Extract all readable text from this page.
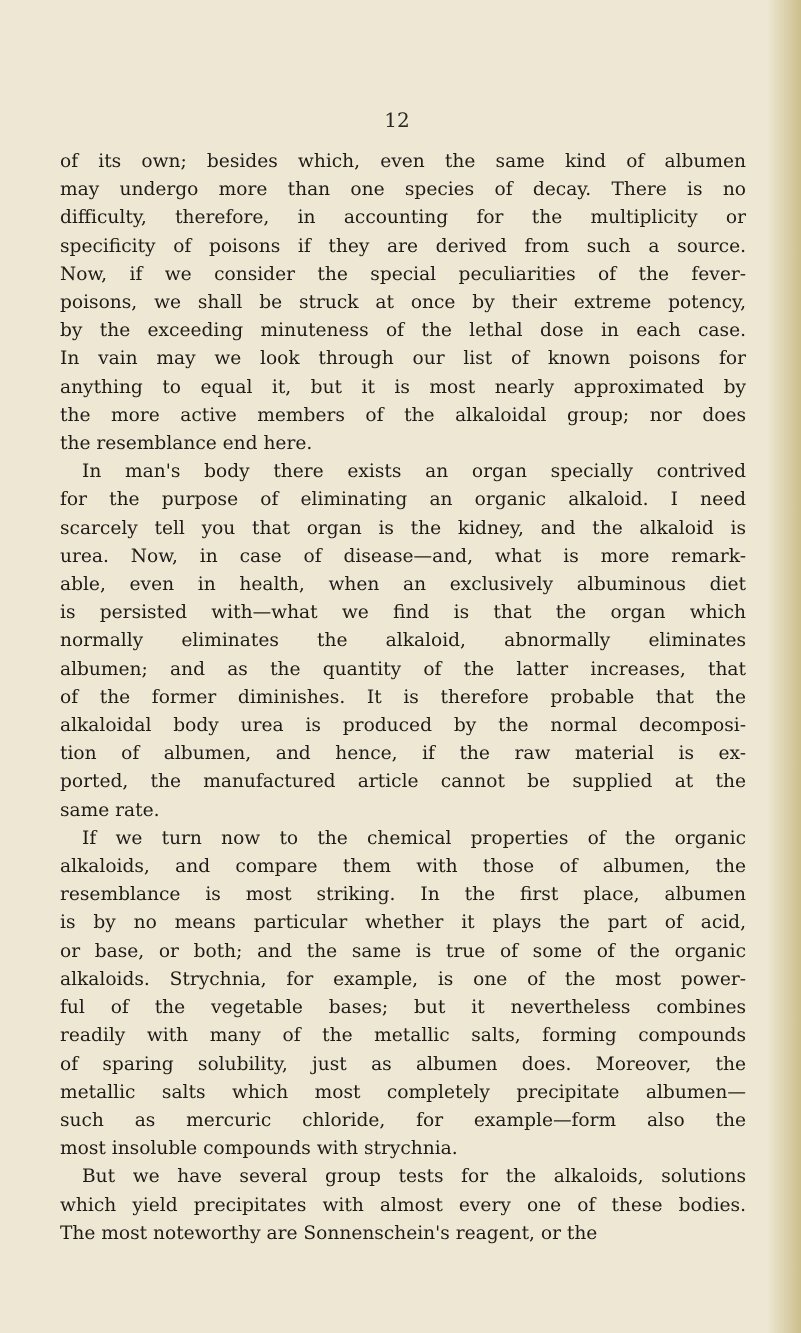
12
of its own; besides which, even the same kind of albumen
may undergo more than one species of decay. There is no
difficulty, therefore, in accounting for the multiplicity or
specificity of poisons if they are derived from such a source.
Now, if we consider the special peculiarities of the fever-
poisons, we shall be struck at once by their extreme potency,
by the exceeding minuteness of the lethal dose in each case.
In vain may we look through our list of known poisons for
anything to equal it, but it is most nearly approximated by
the more active members of the alkaloidal group; nor does
the resemblance end here.
In man's body there exists an organ specially contrived
for the purpose of eliminating an organic alkaloid. I need
scarcely tell you that organ is the kidney, and the alkaloid is
urea. Now, in case of disease—and, what is more remark-
able, even in health, when an exclusively albuminous diet
is persisted with—what we find is that the organ which
normally eliminates the alkaloid, abnormally eliminates
albumen; and as the quantity of the latter increases, that
of the former diminishes. It is therefore probable that the
alkaloidal body urea is produced by the normal decomposi-
tion of albumen, and hence, if the raw material is ex-
ported, the manufactured article cannot be supplied at the
same rate.
If we turn now to the chemical properties of the organic
alkaloids, and compare them with those of albumen, the
resemblance is most striking. In the first place, albumen
is by no means particular whether it plays the part of acid,
or base, or both; and the same is true of some of the organic
alkaloids. Strychnia, for example, is one of the most power-
ful of the vegetable bases; but it nevertheless combines
readily with many of the metallic salts, forming compounds
of sparing solubility, just as albumen does. Moreover, the
metallic salts which most completely precipitate albumen—
such as mercuric chloride, for example—form also the
most insoluble compounds with strychnia.
But we have several group tests for the alkaloids, solutions
which yield precipitates with almost every one of these bodies.
The most noteworthy are Sonnenschein's reagent, or the
